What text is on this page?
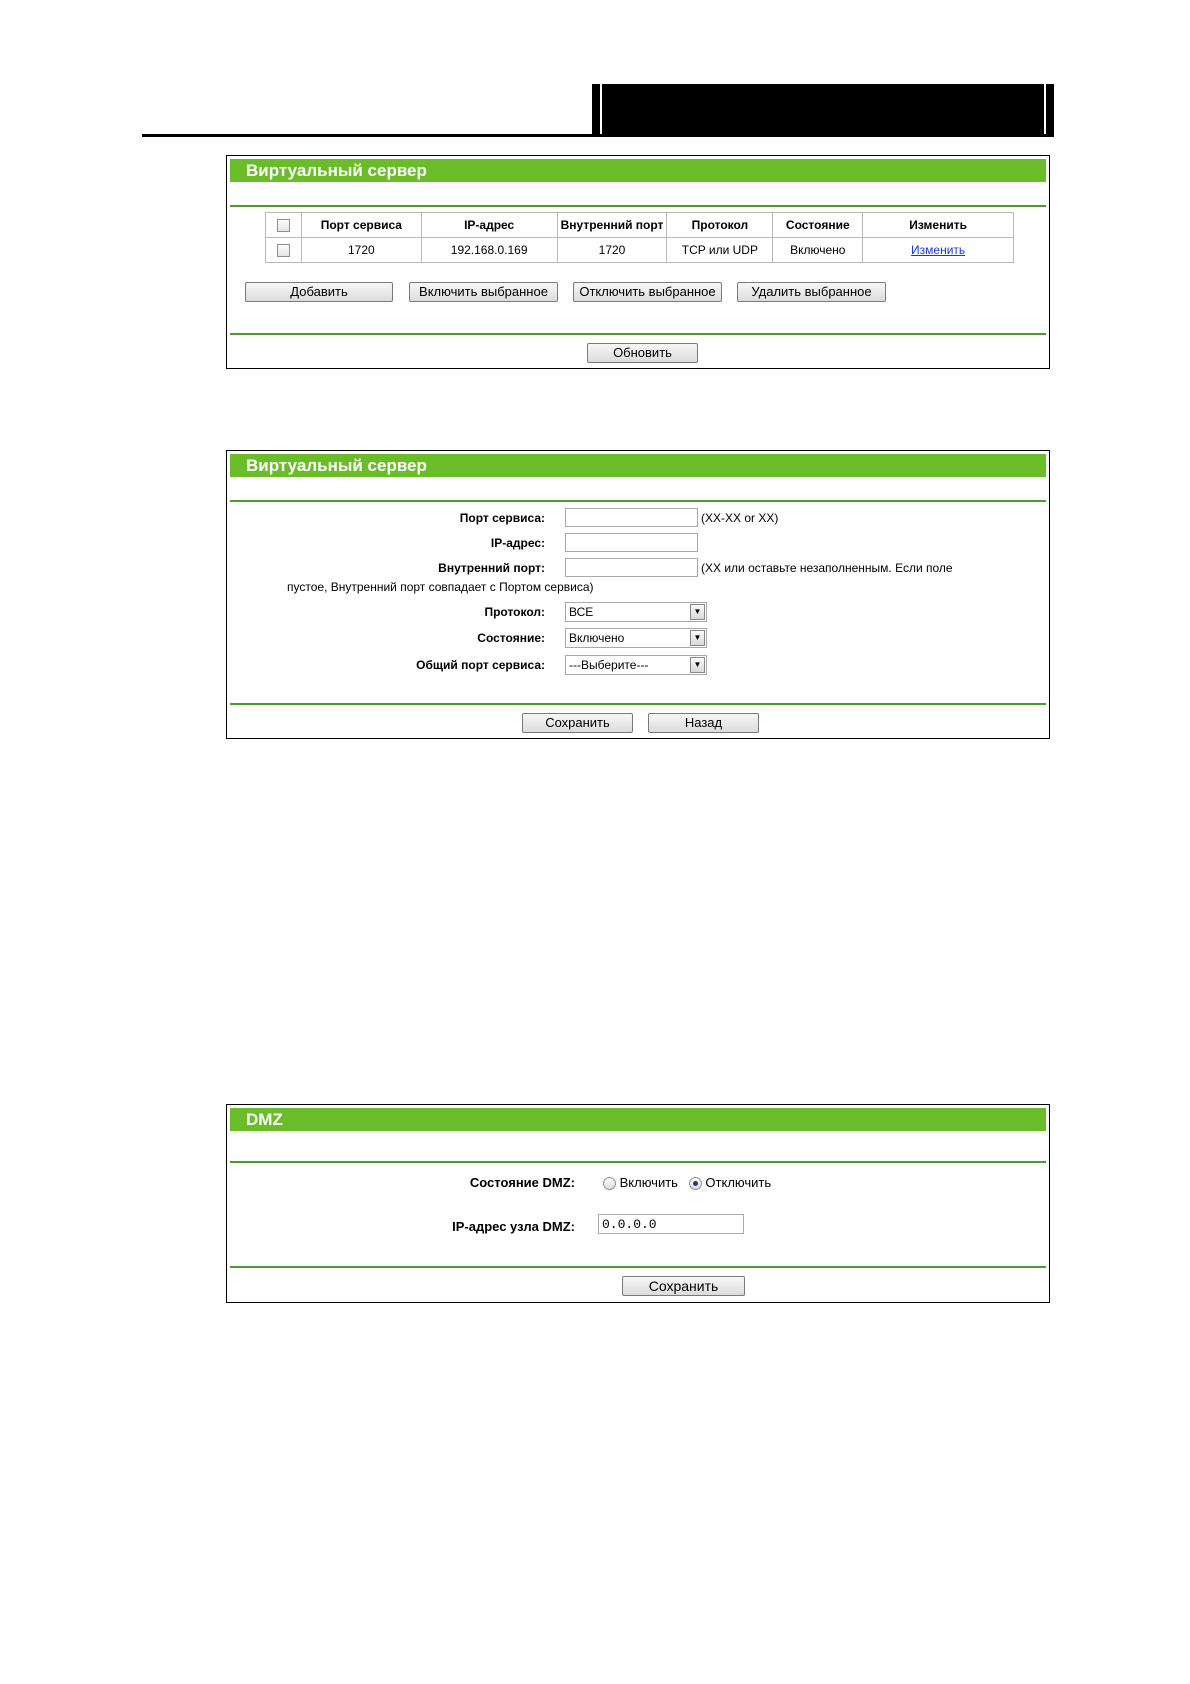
Виртуальный сервер
	Порт сервиса	IP-адрес	Внутренний порт	Протокол	Состояние	Изменить
	1720	192.168.0.169	1720	TCP или UDP	Включено	Изменить
Добавить	Включить выбранное	Отключить выбранное	Удалить выбранное
Обновить
Виртуальный сервер
Порт сервиса:	(XX-XX or XX)
IP-адрес:
Внутренний порт:	(XX или оставьте незаполненным. Если поле
пустое, Внутренний порт совпадает с Портом сервиса)
Протокол:	ВСЕ	▼
Состояние:	Включено	▼
Общий порт сервиса:	---Выберите---	▼
Сохранить	Назад
DMZ
Состояние DMZ:	Включить Отключить
IP-адрес узла DMZ:
0.0.0.0
Сохранить
